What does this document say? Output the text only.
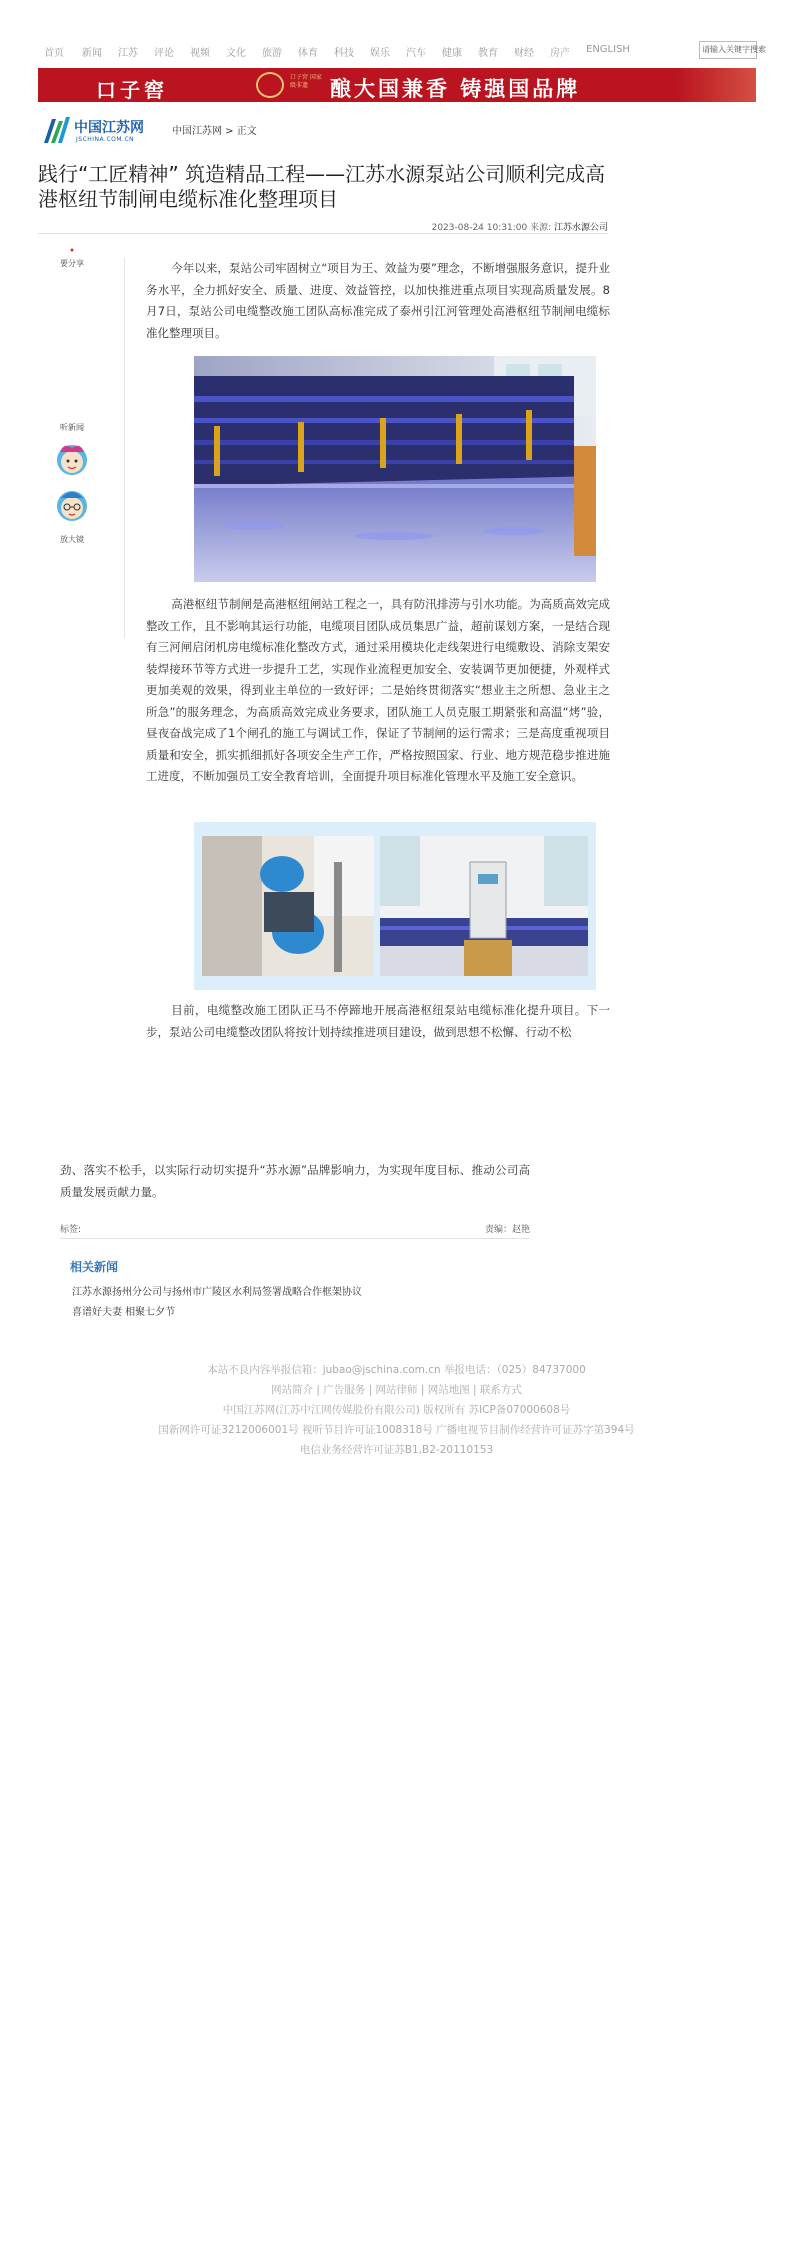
首页 新闻 江苏 评论 视频 文化 旅游 体育 科技 娱乐 汽车 健康 教育 财经 房产 ENGLISH	请输入关键字搜索
口子窖
口子窖 国家级非遗	酿大国兼香 铸强国品牌
中国江苏网
JSCHINA.COM.CN
中国江苏网 > 正文
践行“工匠精神” 筑造精品工程——江苏水源泵站公司顺利完成高港枢纽节制闸电缆标准化整理项目
2023-08-24 10:31:00 来源: 江苏水源公司
要分享
听新闻
放大镜

今年以来，泵站公司牢固树立“项目为王、效益为要”理念，不断增强服务意识，提升业务水平，全力抓好安全、质量、进度、效益管控，以加快推进重点项目实现高质量发展。8月7日，泵站公司电缆整改施工团队高标准完成了泰州引江河管理处高港枢纽节制闸电缆标准化整理项目。

高港枢纽节制闸是高港枢纽闸站工程之一，具有防汛排涝与引水功能。为高质高效完成整改工作，且不影响其运行功能，电缆项目团队成员集思广益，超前谋划方案，一是结合现有三河闸启闭机房电缆标准化整改方式，通过采用模块化走线架进行电缆敷设、消除支架安装焊接环节等方式进一步提升工艺，实现作业流程更加安全、安装调节更加便捷，外观样式更加美观的效果，得到业主单位的一致好评；二是始终贯彻落实“想业主之所想、急业主之所急”的服务理念，为高质高效完成业务要求，团队施工人员克服工期紧张和高温“烤”验，昼夜奋战完成了1个闸孔的施工与调试工作，保证了节制闸的运行需求；三是高度重视项目质量和安全，抓实抓细抓好各项安全生产工作，严格按照国家、行业、地方规范稳步推进施工进度，不断加强员工安全教育培训，全面提升项目标准化管理水平及施工安全意识。

目前，电缆整改施工团队正马不停蹄地开展高港枢纽泵站电缆标准化提升项目。下一步，泵站公司电缆整改团队将按计划持续推进项目建设，做到思想不松懈、行动不松

劲、落实不松手，以实际行动切实提升“苏水源”品牌影响力，为实现年度目标、推动公司高质量发展贡献力量。

标签:	责编：赵艳
相关新闻
江苏水源扬州分公司与扬州市广陵区水利局签署战略合作框架协议
喜谱好夫妻 相聚七夕节
本站不良内容举报信箱：jubao@jschina.com.cn 举报电话：（025）84737000
网站简介 | 广告服务 | 网站律师 | 网站地图 | 联系方式
中国江苏网(江苏中江网传媒股份有限公司) 版权所有 苏ICP备07000608号
国新网许可证3212006001号 视听节目许可证1008318号 广播电视节目制作经营许可证苏字第394号
电信业务经营许可证苏B1,B2-20110153
